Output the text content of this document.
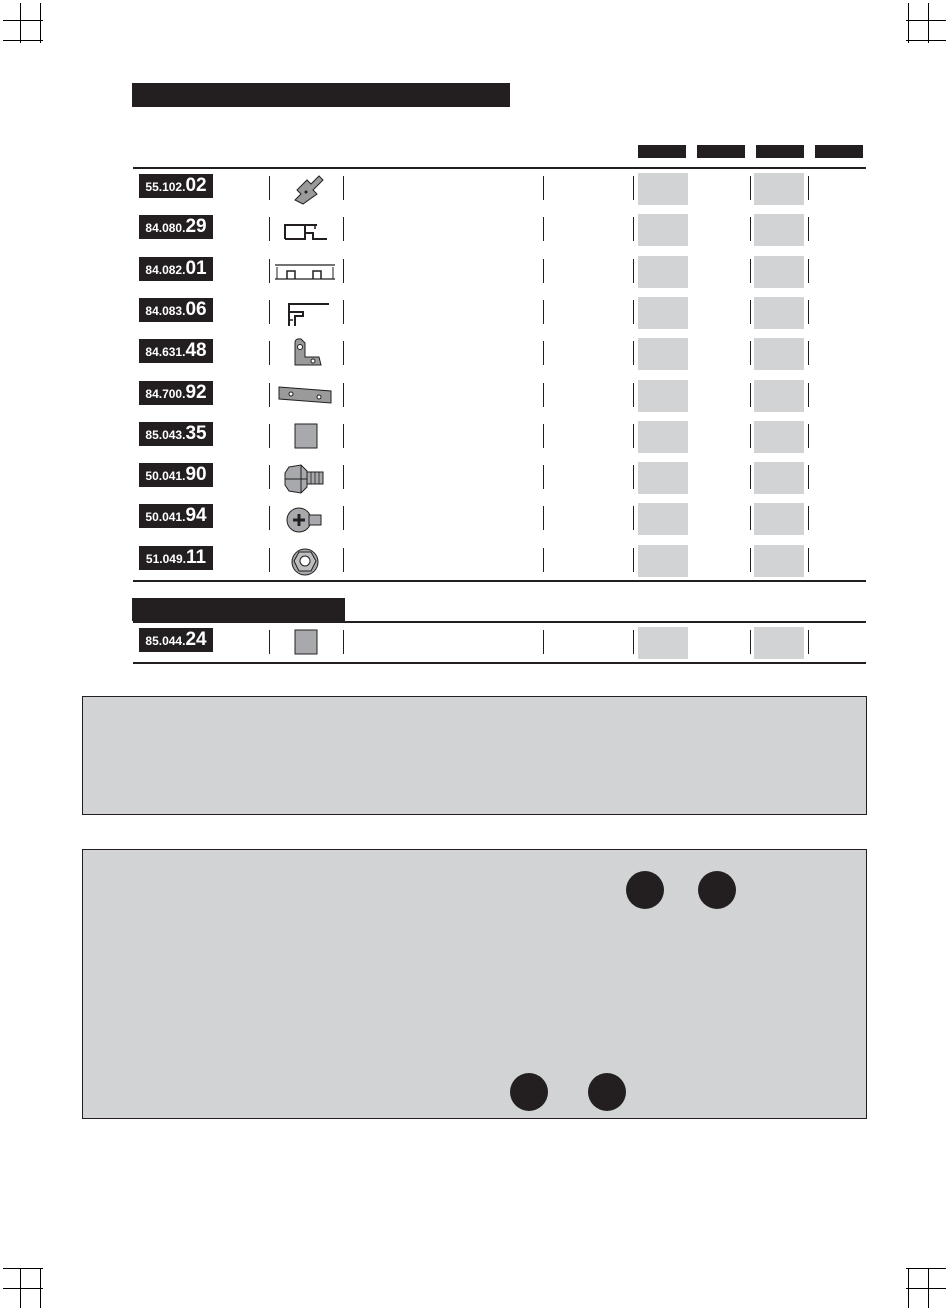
55.102. 02
84.080. 29
84.082. 01
84.083. 06
84.631. 48
84.700. 92
85.043. 35
50.041. 90
50.041. 94
51.049. 11
85.044. 24
